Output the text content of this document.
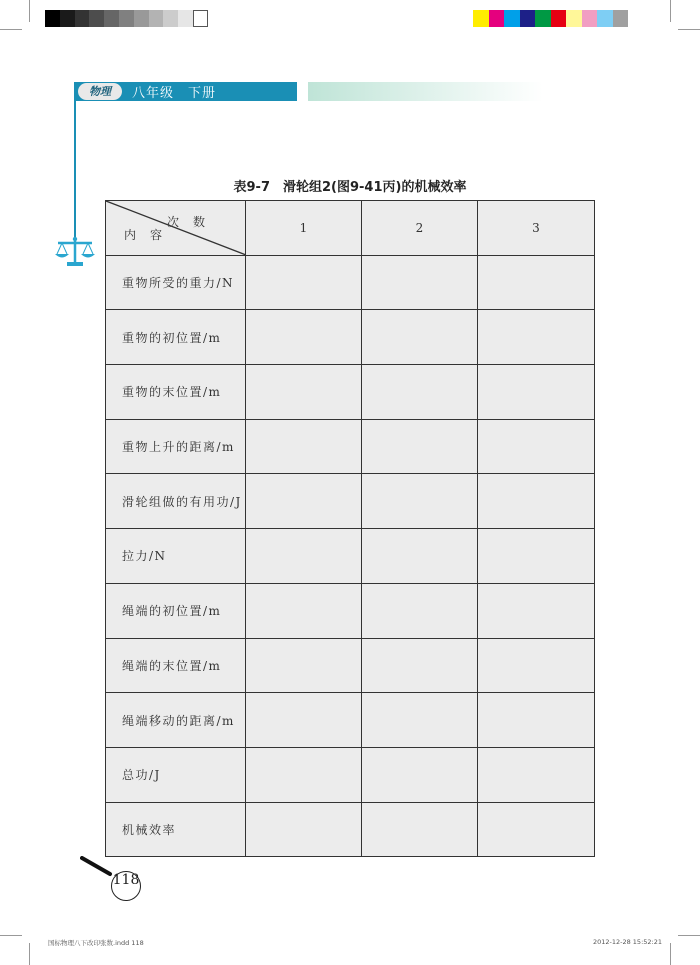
物理	八年级　下册
表9-7　滑轮组2(图9-41丙)的机械效率
次数
内容	1	2	3
重物所受的重力/N			
重物的初位置/m			
重物的末位置/m			
重物上升的距离/m			
滑轮组做的有用功/J			
拉力/N			
绳端的初位置/m			
绳端的末位置/m			
绳端移动的距离/m			
总功/J			
机械效率			
118
国标物理八下改印张数.indd 118	2012-12-28 15:52:21
